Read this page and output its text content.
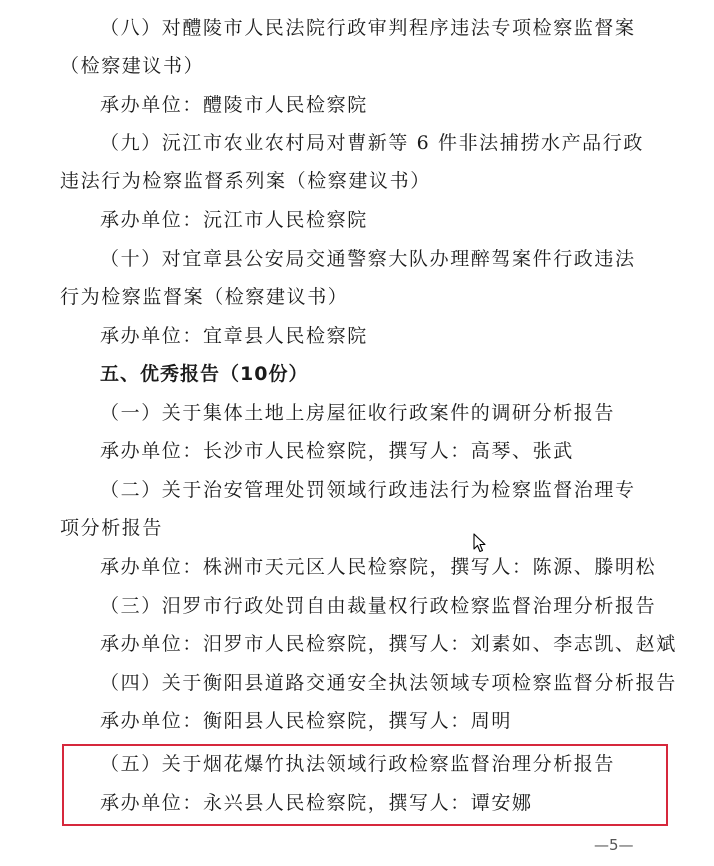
（八）对醴陵市人民法院行政审判程序违法专项检察监督案
（检察建议书）
承办单位：醴陵市人民检察院
（九）沅江市农业农村局对曹新等 6 件非法捕捞水产品行政
违法行为检察监督系列案（检察建议书）
承办单位：沅江市人民检察院
（十）对宜章县公安局交通警察大队办理醉驾案件行政违法
行为检察监督案（检察建议书）
承办单位：宜章县人民检察院
五、优秀报告（10份）
（一）关于集体土地上房屋征收行政案件的调研分析报告
承办单位：长沙市人民检察院，撰写人：高琴、张武
（二）关于治安管理处罚领域行政违法行为检察监督治理专
项分析报告
承办单位：株洲市天元区人民检察院，撰写人：陈源、滕明松
（三）汨罗市行政处罚自由裁量权行政检察监督治理分析报告
承办单位：汨罗市人民检察院，撰写人：刘素如、李志凯、赵斌
（四）关于衡阳县道路交通安全执法领域专项检察监督分析报告
承办单位：衡阳县人民检察院，撰写人：周明
（五）关于烟花爆竹执法领域行政检察监督治理分析报告
承办单位：永兴县人民检察院，撰写人：谭安娜
—5—
